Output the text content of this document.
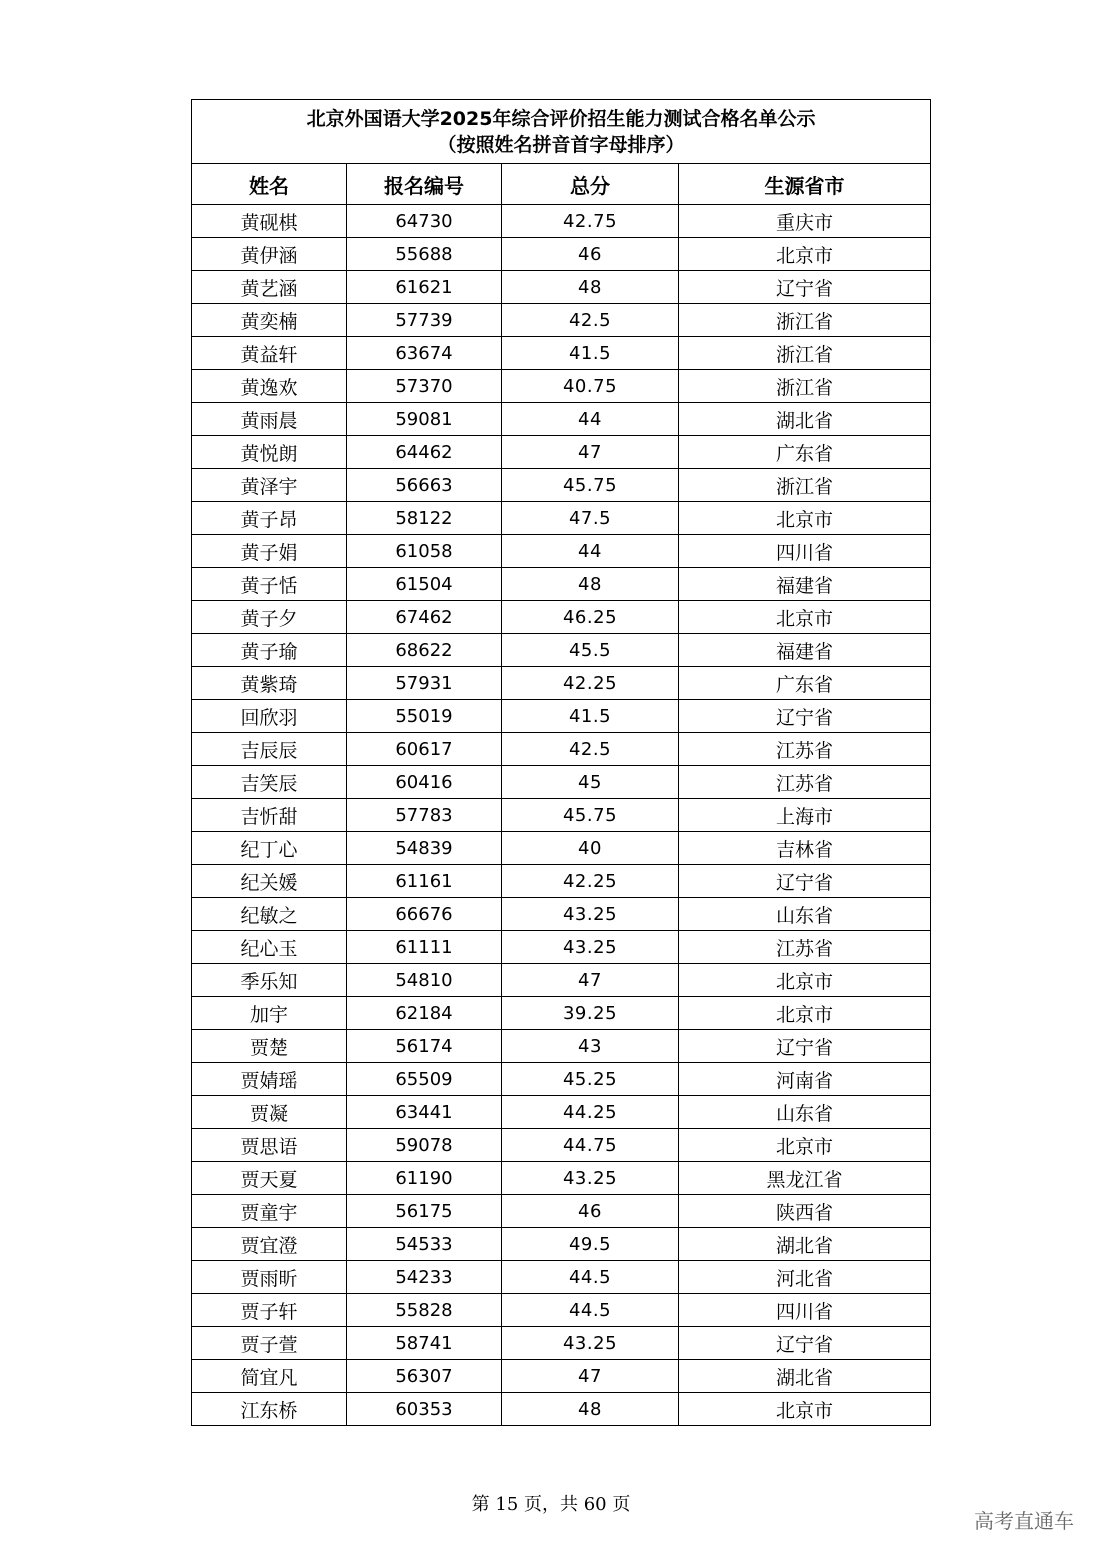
北京外国语大学2025年综合评价招生能力测试合格名单公示
（按照姓名拼音首字母排序）			

姓名	报名编号	总分	生源省市
黄砚棋	64730	42.75	重庆市
黄伊涵	55688	46	北京市
黄艺涵	61621	48	辽宁省
黄奕楠	57739	42.5	浙江省
黄益轩	63674	41.5	浙江省
黄逸欢	57370	40.75	浙江省
黄雨晨	59081	44	湖北省
黄悦朗	64462	47	广东省
黄泽宇	56663	45.75	浙江省
黄子昂	58122	47.5	北京市
黄子娟	61058	44	四川省
黄子恬	61504	48	福建省
黄子夕	67462	46.25	北京市
黄子瑜	68622	45.5	福建省
黄紫琦	57931	42.25	广东省
回欣羽	55019	41.5	辽宁省
吉辰辰	60617	42.5	江苏省
吉笑辰	60416	45	江苏省
吉忻甜	57783	45.75	上海市
纪丁心	54839	40	吉林省
纪关媛	61161	42.25	辽宁省
纪敏之	66676	43.25	山东省
纪心玉	61111	43.25	江苏省
季乐知	54810	47	北京市
加宇	62184	39.25	北京市
贾楚	56174	43	辽宁省
贾婧瑶	65509	45.25	河南省
贾凝	63441	44.25	山东省
贾思语	59078	44.75	北京市
贾天夏	61190	43.25	黑龙江省
贾童宇	56175	46	陕西省
贾宜澄	54533	49.5	湖北省
贾雨昕	54233	44.5	河北省
贾子轩	55828	44.5	四川省
贾子萱	58741	43.25	辽宁省
简宜凡	56307	47	湖北省
江东桥	60353	48	北京市
第 15 页，共 60 页
高考直通车
